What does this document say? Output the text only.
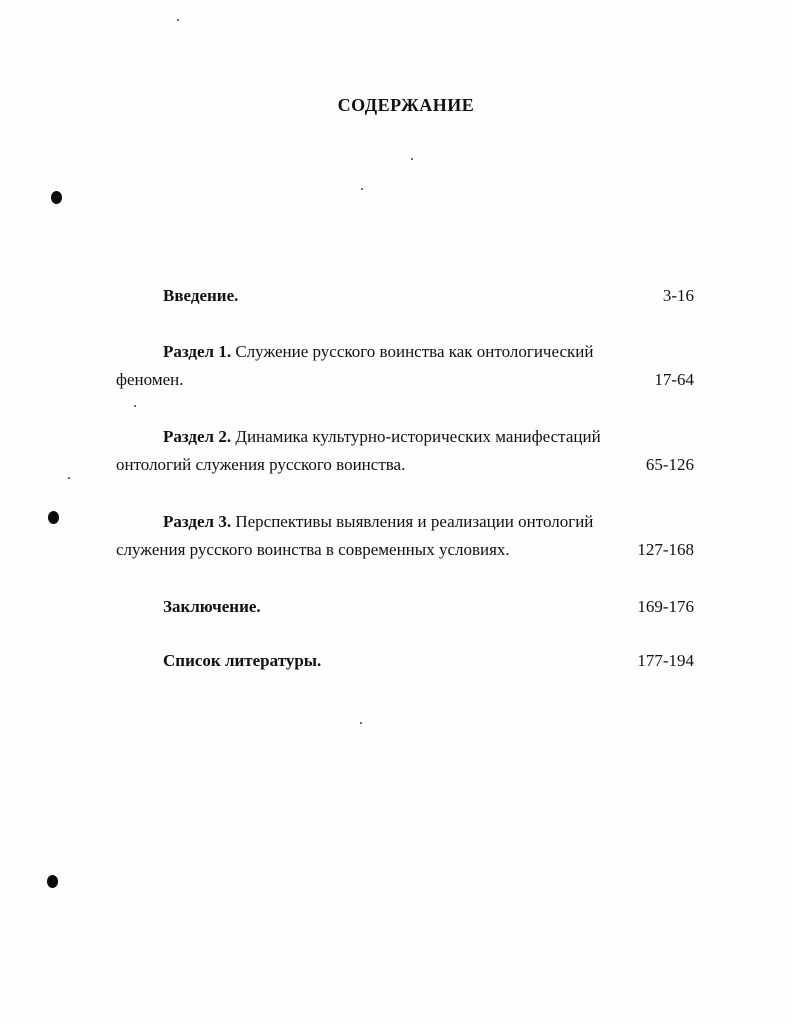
СОДЕРЖАНИЕ
Введение.	3-16
Раздел 1. Служение русского воинства как онтологический
феномен.	17-64
Раздел 2. Динамика культурно-исторических манифестаций
онтологий служения русского воинства.	65-126
Раздел 3. Перспективы выявления и реализации онтологий
служения русского воинства в современных условиях.	127-168
Заключение.	169-176
Список литературы.	177-194
